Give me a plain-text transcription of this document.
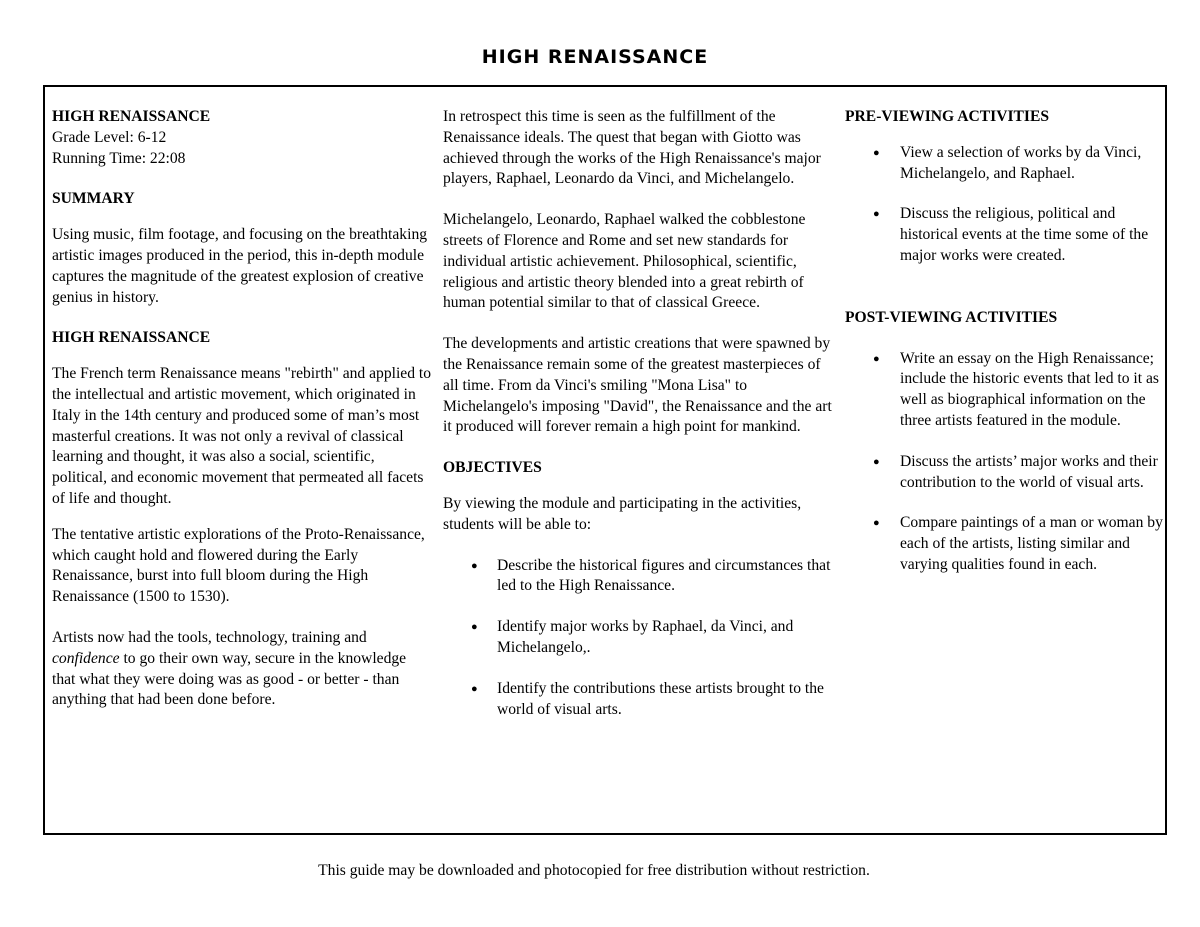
HIGH RENAISSANCE
HIGH RENAISSANCE
Grade Level: 6-12
Running Time: 22:08
SUMMARY

Using music, film footage, and focusing on the breathtaking artistic images produced in the period, this in-depth module captures the magnitude of the greatest explosion of creative genius in history.

HIGH RENAISSANCE

The French term Renaissance means "rebirth" and applied to the intellectual and artistic movement, which originated in Italy in the 14th century and produced some of man’s most masterful creations. It was not only a revival of classical learning and thought, it was also a social, scientific, political, and economic movement that permeated all facets of life and thought.

The tentative artistic explorations of the Proto-Renaissance, which caught hold and flowered during the Early Renaissance, burst into full bloom during the High Renaissance (1500 to 1530).

Artists now had the tools, technology, training and confidence to go their own way, secure in the knowledge that what they were doing was as good - or better - than anything that had been done before.

In retrospect this time is seen as the fulfillment of the Renaissance ideals. The quest that began with Giotto was achieved through the works of the High Renaissance's major players, Raphael, Leonardo da Vinci, and Michelangelo.

Michelangelo, Leonardo, Raphael walked the cobblestone streets of Florence and Rome and set new standards for individual artistic achievement. Philosophical, scientific, religious and artistic theory blended into a great rebirth of human potential similar to that of classical Greece.

The developments and artistic creations that were spawned by the Renaissance remain some of the greatest masterpieces of all time. From da Vinci's smiling "Mona Lisa" to Michelangelo's imposing "David", the Renaissance and the art it produced will forever remain a high point for mankind.

OBJECTIVES

By viewing the module and participating in the activities, students will be able to:

● Describe the historical figures and circumstances that led to the High Renaissance.
● Identify major works by Raphael, da Vinci, and Michelangelo,.
● Identify the contributions these artists brought to the world of visual arts.
PRE-VIEWING ACTIVITIES
● View a selection of works by da Vinci, Michelangelo, and Raphael.
● Discuss the religious, political and historical events at the time some of the major works were created.
POST-VIEWING ACTIVITIES
● Write an essay on the High Renaissance; include the historic events that led to it as well as biographical information on the three artists featured in the module.
● Discuss the artists’ major works and their contribution to the world of visual arts.
● Compare paintings of a man or woman by each of the artists, listing similar and varying qualities found in each.
This guide may be downloaded and photocopied for free distribution without restriction.
